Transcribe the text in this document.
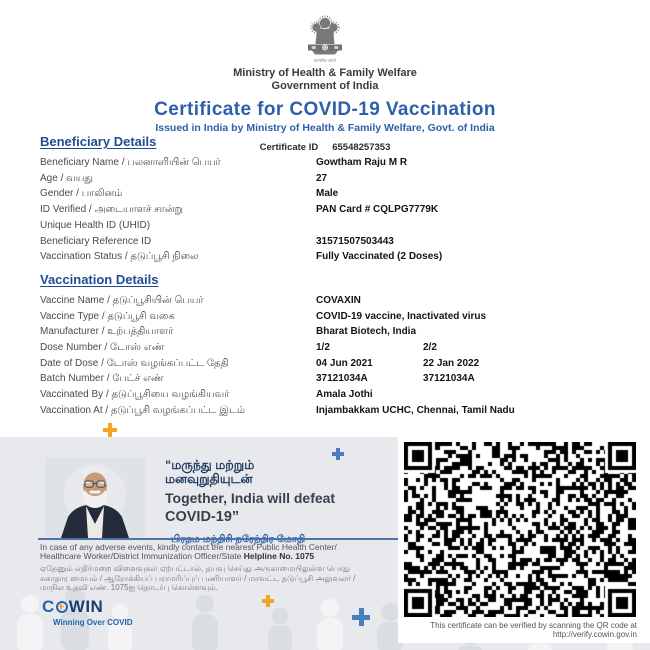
सत्यमेव जयते
Ministry of Health & Family Welfare
Government of India
Certificate for COVID-19 Vaccination
Issued in India by Ministry of Health & Family Welfare, Govt. of India
Certificate ID 65548257353
Beneficiary Details
Beneficiary Name / பலனாளியின் பெயர்	Gowtham Raju M R
Age / வயது	27
Gender / பாலினம்	Male
ID Verified / அடையாளச் சான்று	PAN Card # CQLPG7779K
Unique Health ID (UHID)
Beneficiary Reference ID	31571507503443
Vaccination Status / தடுப்பூசி நிலை	Fully Vaccinated (2 Doses)
Vaccination Details
Vaccine Name / தடுப்பூசியின் பெயர்	COVAXIN
Vaccine Type / தடுப்பூசி வகை	COVID-19 vaccine, Inactivated virus
Manufacturer / உற்பத்தியாளர்	Bharat Biotech, India
Dose Number / டோஸ் எண்	1/2	2/2
Date of Dose / டோஸ் வழங்கப்பட்ட தேதி	04 Jun 2021	22 Jan 2022
Batch Number / பேட்ச் எண்	37121034A	37121034A
Vaccinated By / தடுப்பூசியை வழங்கியவர்	Amala Jothi
Vaccination At / தடுப்பூசி வழங்கப்பட்ட இடம்	Injambakkam UCHC, Chennai, Tamil Nadu
“மருந்து மற்றும்
மனவுறுதியுடன்
Together, India will defeat
COVID-19”
In case of any adverse events, kindly contact the nearest Public Health Center/
Healthcare Worker/District Immunization Officer/State Helpline No. 1075
ஏதேனும் எதிர்மறை விளைவுகள் ஏற்பட்டால், தயவு செய்து அருகாமையிலுள்ள பொது
சுகாதார மையம் / ஆரோக்கியப் பராமரிப்புப் பணியாளர் / மாவட்ட தடுப்பூசி அலுவலர் /
மாநில உதவி எண். 1075ஐ தொடர்பு கொள்ளவும்.
C WIN
Winning Over COVID	This certificate can be verified by scanning the QR code at
http://verify.cowin.gov.in
